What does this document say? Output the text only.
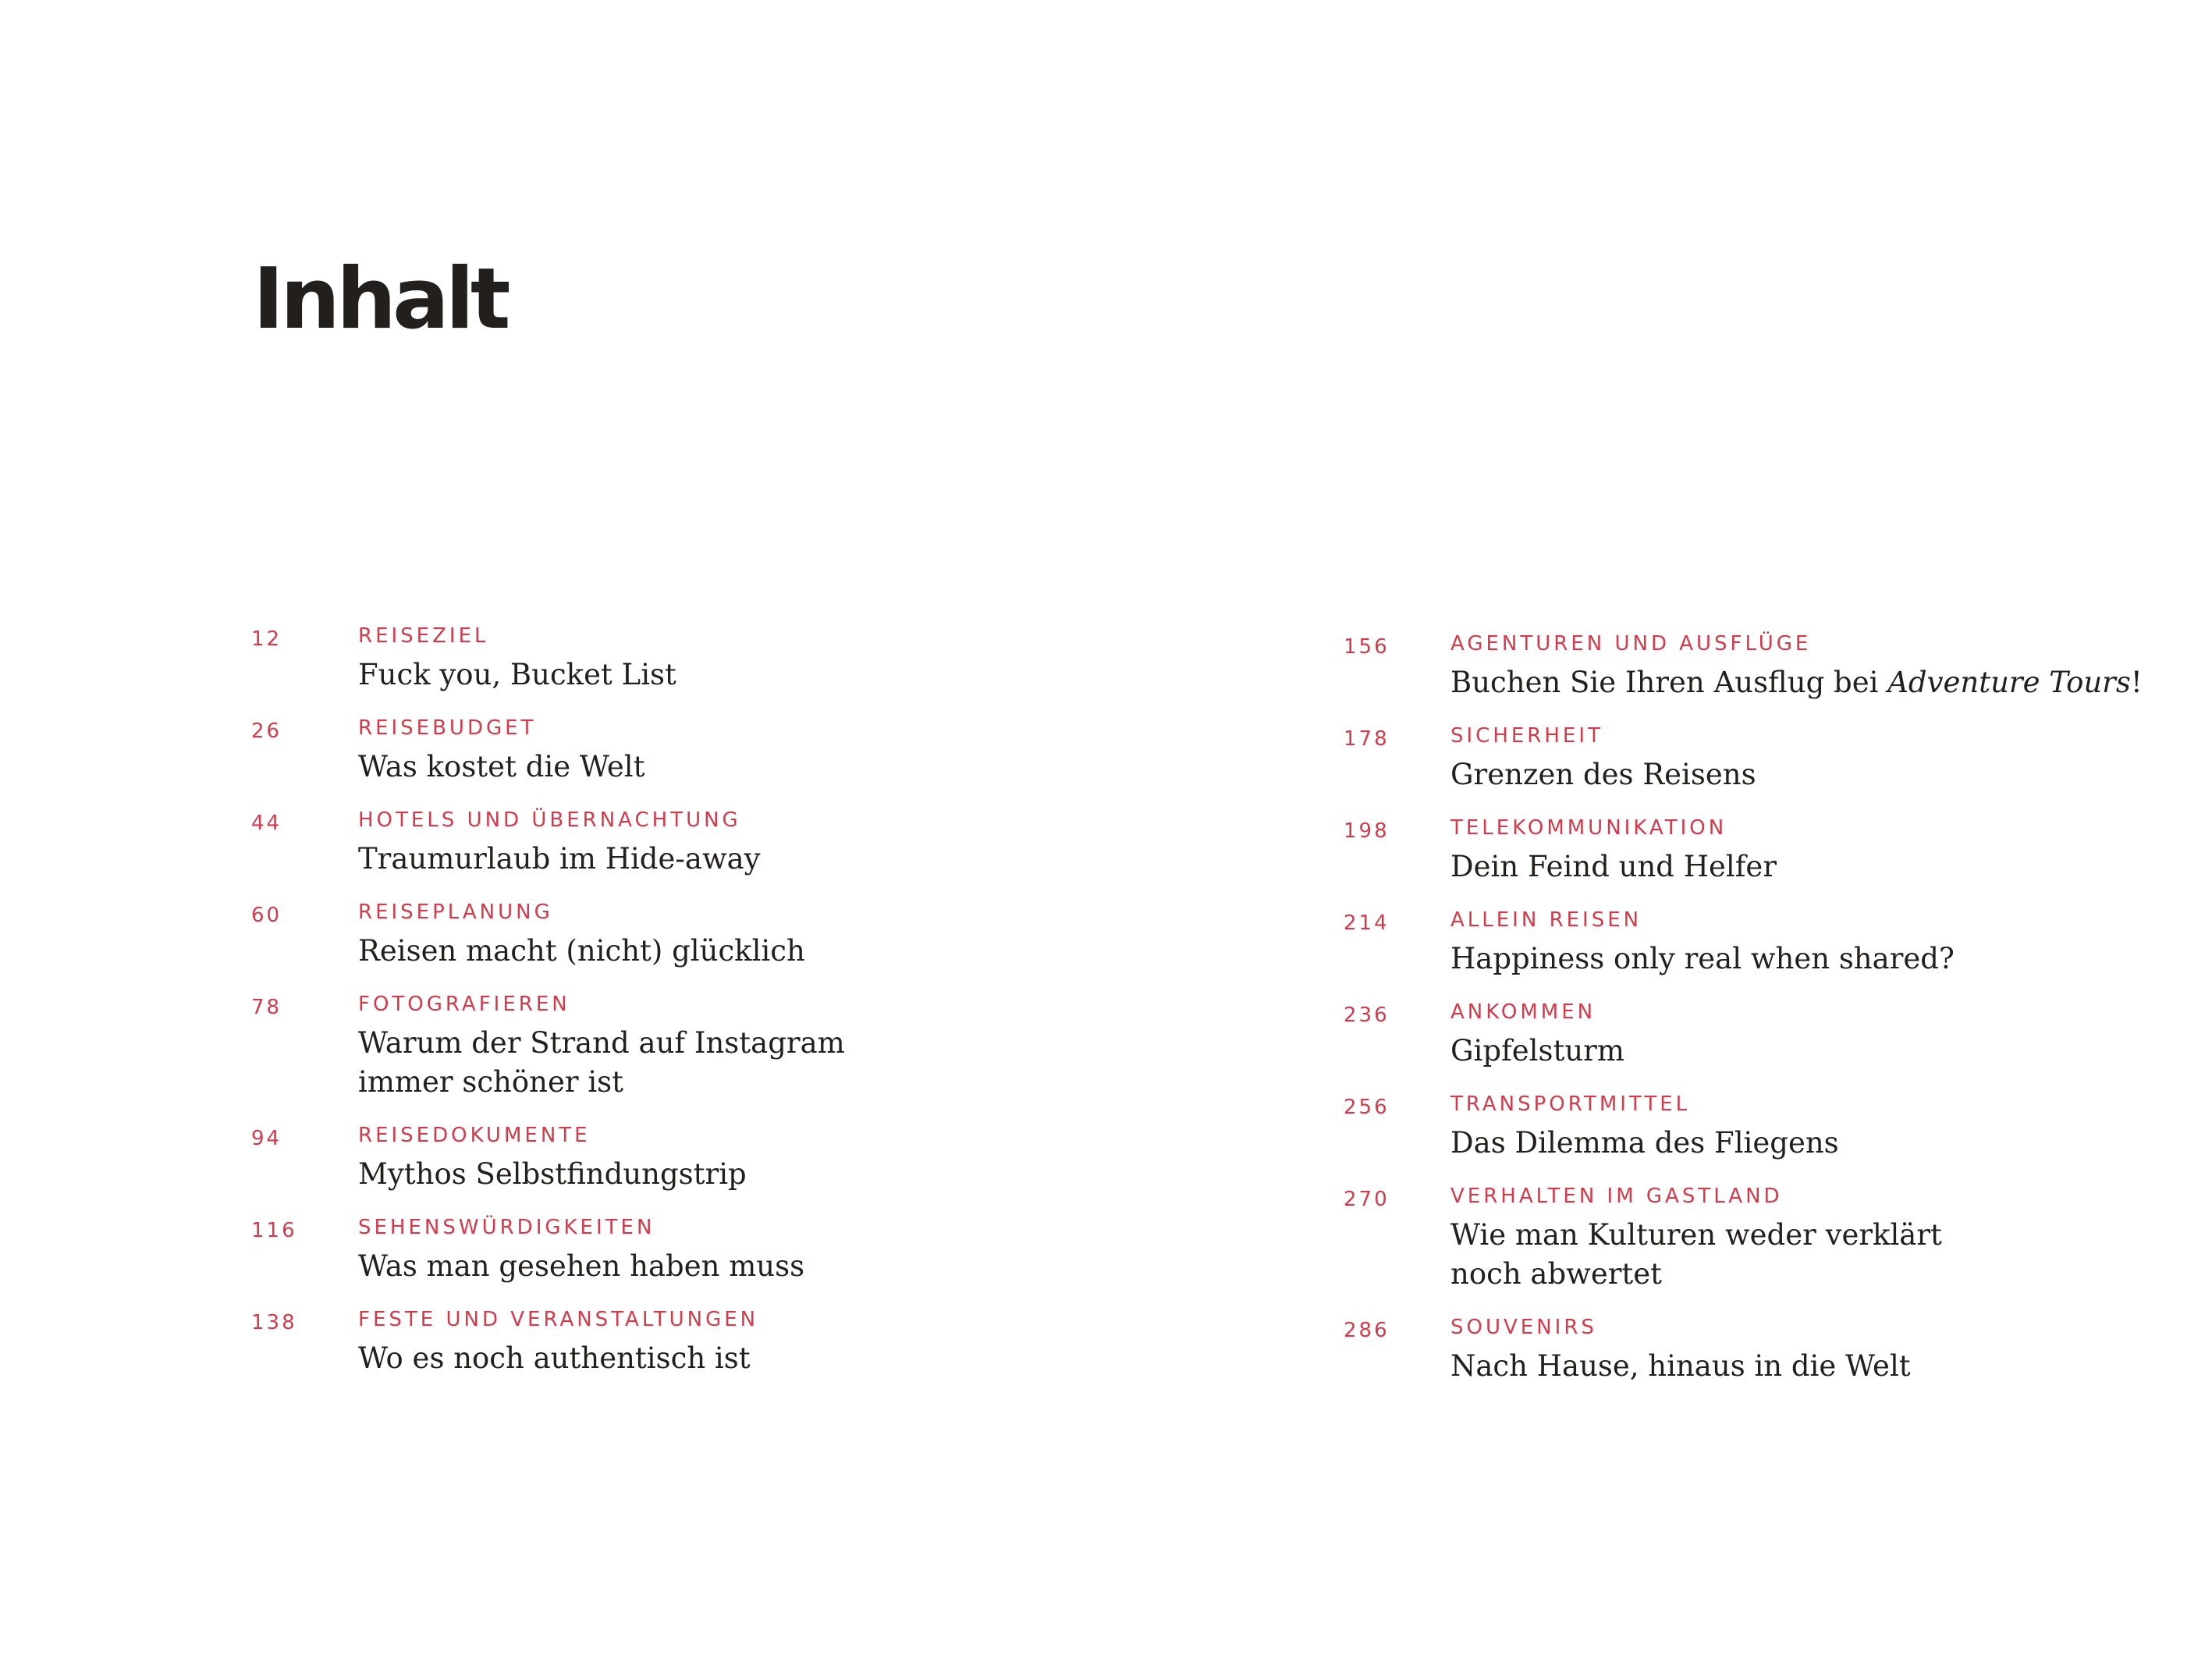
Inhalt
12	REISEZIEL
Fuck you, Bucket List
26	REISEBUDGET
Was kostet die Welt
44	HOTELS UND ÜBERNACHTUNG
Traumurlaub im Hide-away
60	REISEPLANUNG
Reisen macht (nicht) glücklich
78	FOTOGRAFIEREN
Warum der Strand auf Instagram
immer schöner ist
94	REISEDOKUMENTE
Mythos Selbstfindungstrip
116	SEHENSWÜRDIGKEITEN
Was man gesehen haben muss
138	FESTE UND VERANSTALTUNGEN
Wo es noch authentisch ist
156	AGENTUREN UND AUSFLÜGE
Buchen Sie Ihren Ausflug bei Adventure Tours!
178	SICHERHEIT
Grenzen des Reisens
198	TELEKOMMUNIKATION
Dein Feind und Helfer
214	ALLEIN REISEN
Happiness only real when shared?
236	ANKOMMEN
Gipfelsturm
256	TRANSPORTMITTEL
Das Dilemma des Fliegens
270	VERHALTEN IM GASTLAND
Wie man Kulturen weder verklärt
noch abwertet
286	SOUVENIRS
Nach Hause, hinaus in die Welt
